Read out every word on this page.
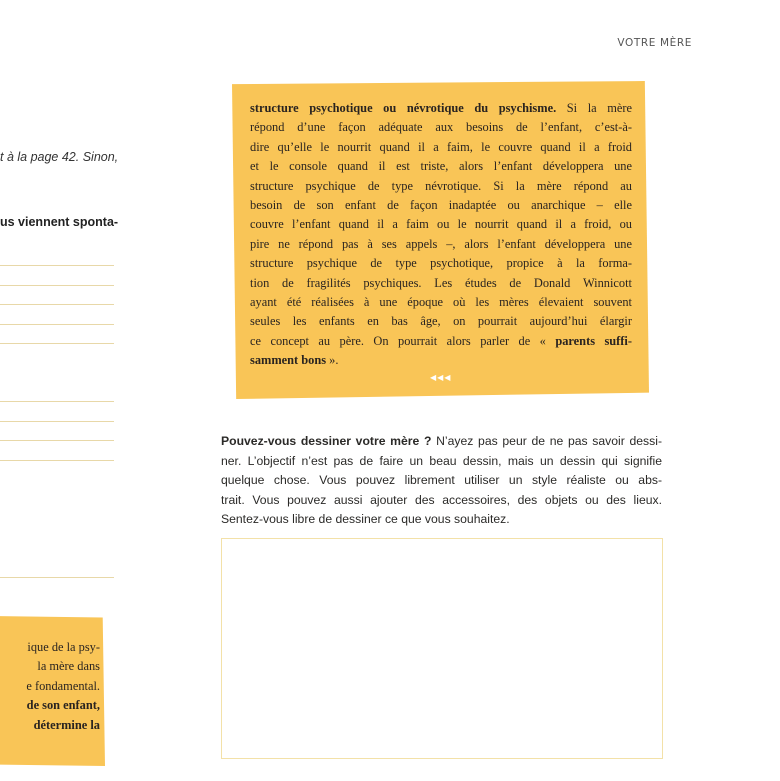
VOTRE MÈRE
t à la page 42. Sinon,
us viennent sponta-
structure psychotique ou névrotique du psychisme. Si la mère
répond d’une façon adéquate aux besoins de l’enfant, c’est-à-
dire qu’elle le nourrit quand il a faim, le couvre quand il a froid
et le console quand il est triste, alors l’enfant développera une
structure psychique de type névrotique. Si la mère répond au
besoin de son enfant de façon inadaptée ou anarchique – elle
couvre l’enfant quand il a faim ou le nourrit quand il a froid, ou
pire ne répond pas à ses appels –, alors l’enfant développera une
structure psychique de type psychotique, propice à la forma-
tion de fragilités psychiques. Les études de Donald Winnicott
ayant été réalisées à une époque où les mères élevaient souvent
seules les enfants en bas âge, on pourrait aujourd’hui élargir
ce concept au père. On pourrait alors parler de « parents suffi-
samment bons ».
◀◀◀
Pouvez-vous dessiner votre mère ? N’ayez pas peur de ne pas savoir dessi-
ner. L’objectif n’est pas de faire un beau dessin, mais un dessin qui signifie
quelque chose. Vous pouvez librement utiliser un style réaliste ou abs-
trait. Vous pouvez aussi ajouter des accessoires, des objets ou des lieux.
Sentez-vous libre de dessiner ce que vous souhaitez.
ique de la psy-
la mère dans
e fondamental.
de son enfant,
détermine la
